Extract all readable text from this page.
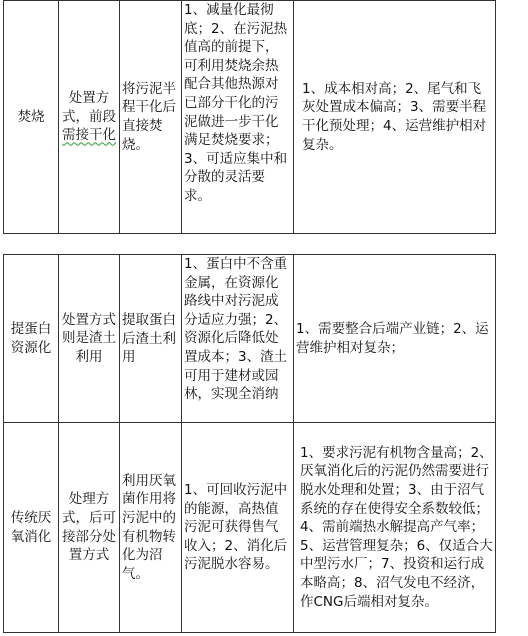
焚烧	处置方式，前段需接干化	将污泥半程干化后直接焚烧。	1、减量化最彻底；2、在污泥热值高的前提下，可利用焚烧余热配合其他热源对已部分干化的污泥做进一步干化满足焚烧要求；3、可适应集中和分散的灵活要求。	1、成本相对高；2、尾气和飞灰处置成本偏高；3、需要半程干化预处理；4、运营维护相对复杂。
提蛋白资源化	处置方式则是渣土利用	提取蛋白后渣土利用	1、蛋白中不含重金属，在资源化路线中对污泥成分适应力强；2、资源化后降低处置成本；3、渣土可用于建材或园林，实现全消纳	1、需要整合后端产业链；2、运营维护相对复杂；
传统厌氧消化	处理方式，后可接部分处置方式	利用厌氧菌作用将污泥中的有机物转化为沼气。	1、可回收污泥中的能源，高热值污泥可获得售气收入；2、消化后污泥脱水容易。	1、要求污泥有机物含量高；2、厌氧消化后的污泥仍然需要进行脱水处理和处置；3、由于沼气系统的存在使得安全系数较低；4、需前端热水解提高产气率；5、运营管理复杂；6、仅适合大中型污水厂；7、投资和运行成本略高；8、沼气发电不经济，作CNG后端相对复杂。
